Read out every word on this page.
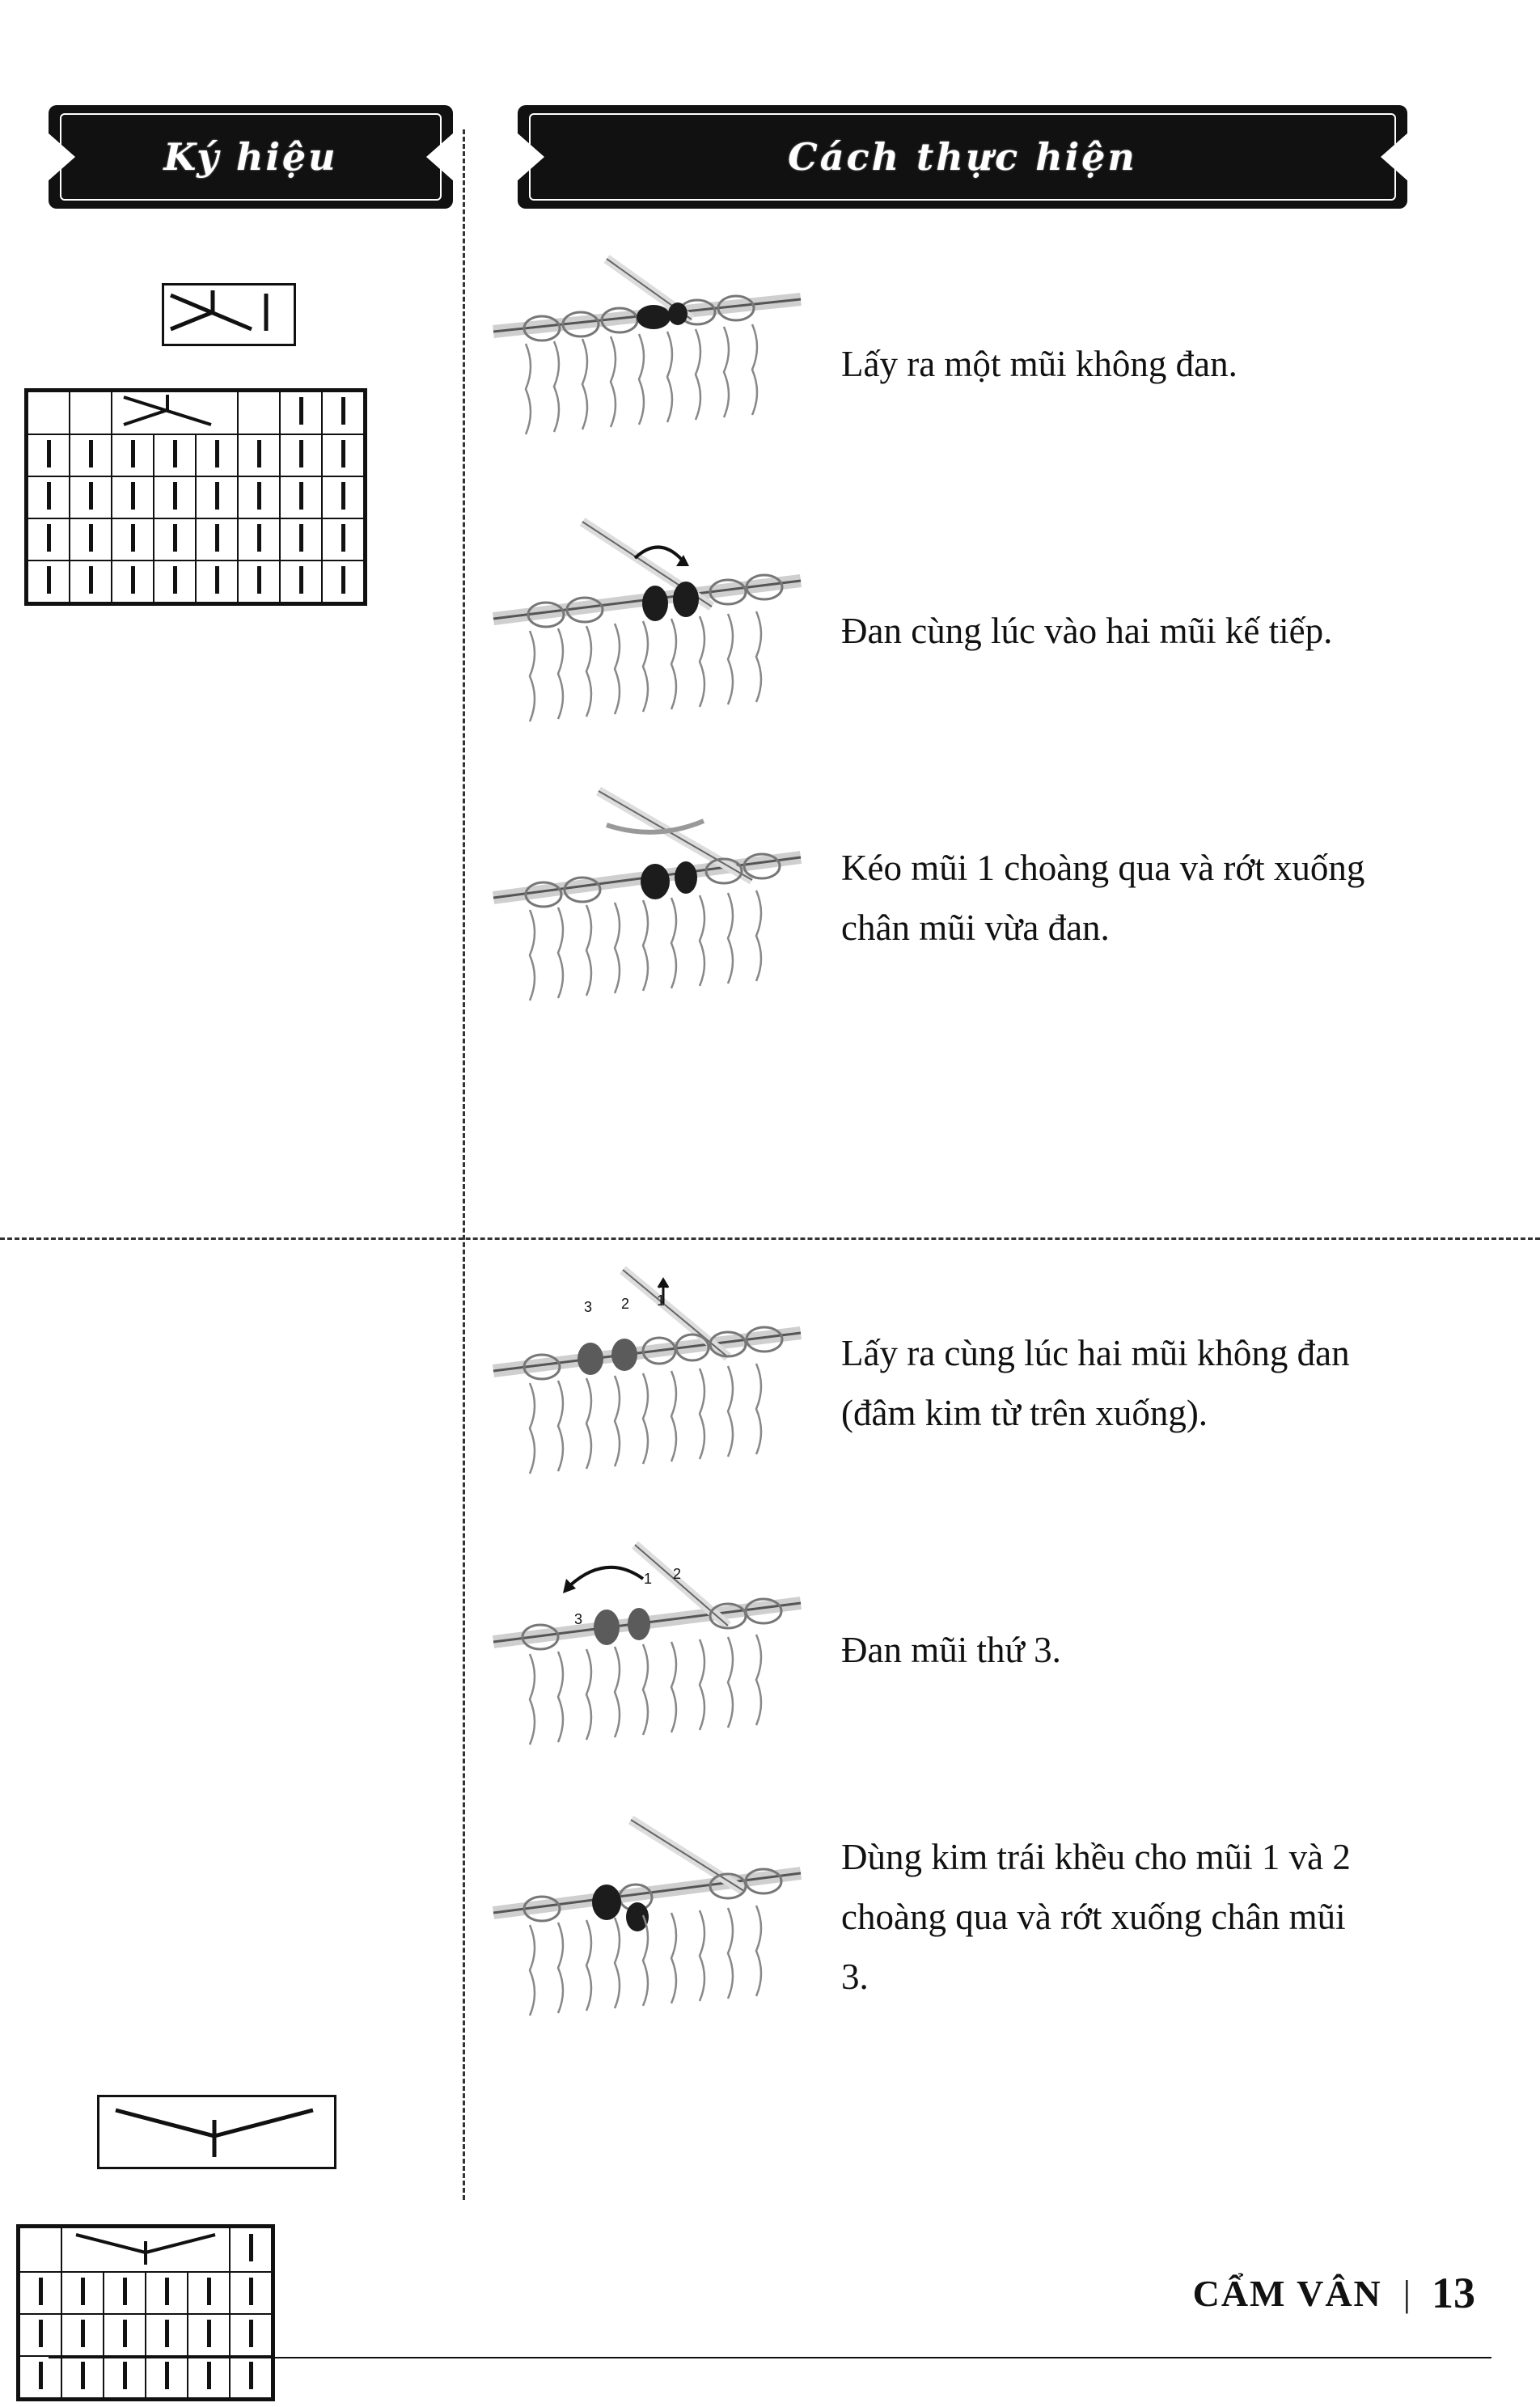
Ký hiệu	Cách thực hiện

Lấy ra một mũi không đan.
Đan cùng lúc vào hai mũi kế tiếp.
Kéo mũi 1 choàng qua và rớt xuống chân mũi vừa đan.

3 2 1
Lấy ra cùng lúc hai mũi không đan (đâm kim từ trên xuống).
3
1 2
Đan mũi thứ 3.
Dùng kim trái khều cho mũi 1 và 2 choàng qua và rớt xuống chân mũi 3.
CẨM VÂN | 13
